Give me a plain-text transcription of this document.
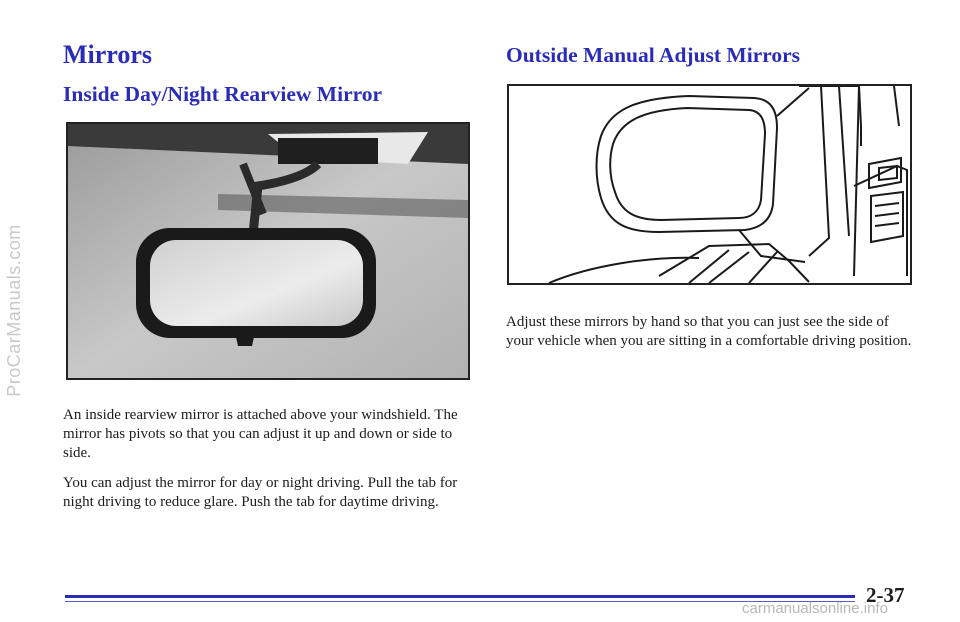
ProCarManuals.com
Mirrors
Inside Day/Night Rearview Mirror
Outside Manual Adjust Mirrors

An inside rearview mirror is attached above your windshield. The mirror has pivots so that you can adjust it up and down or side to side.

You can adjust the mirror for day or night driving. Pull the tab for night driving to reduce glare. Push the tab for daytime driving.

Adjust these mirrors by hand so that you can just see the side of your vehicle when you are sitting in a comfortable driving position.

2-37

carmanualsonline.info
